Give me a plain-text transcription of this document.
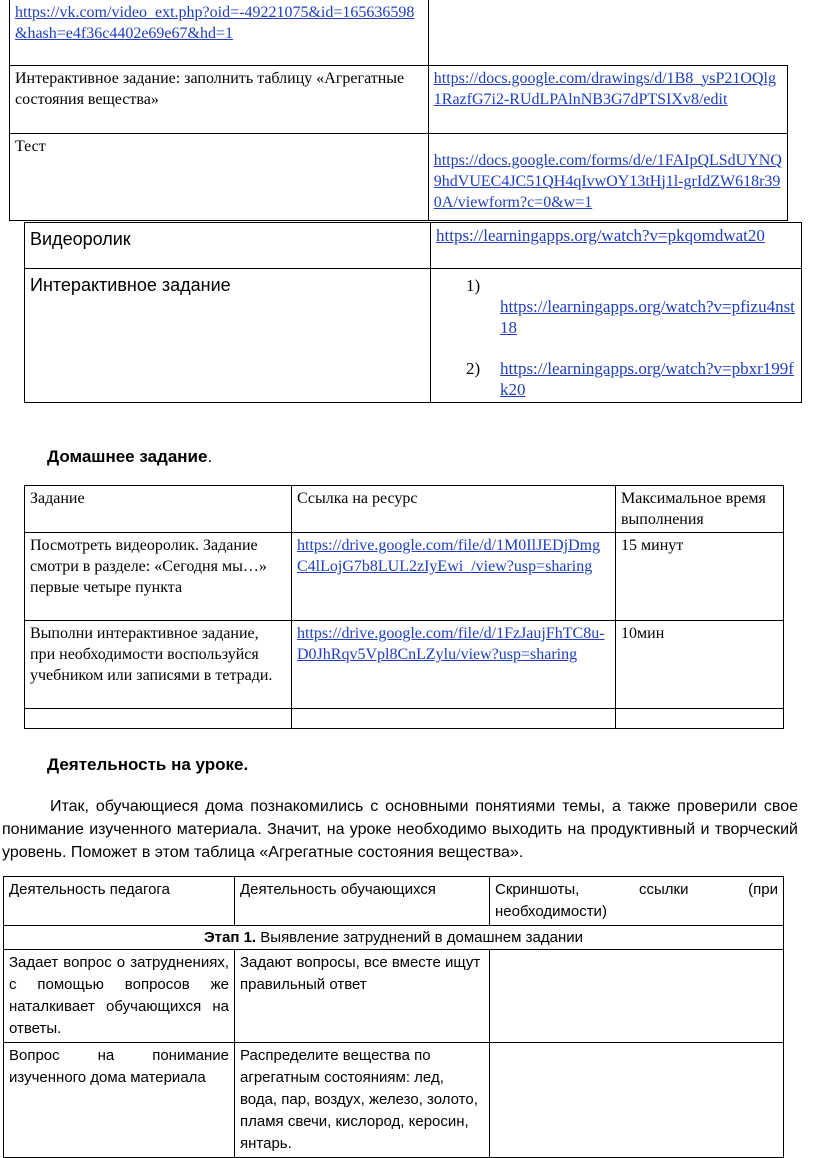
https://vk.com/video_ext.php?oid=-49221075&id=165636598&hash=e4f36c4402e69e67&hd=1	
Интерактивное задание: заполнить таблицу «Агрегатные состояния вещества»	https://docs.google.com/drawings/d/1B8_ysP21OQlg1RazfG7i2-RUdLPAlnNB3G7dPTSIXv8/edit
Тест	https://docs.google.com/forms/d/e/1FAIpQLSdUYNQ9hdVUEC4JC51QH4qIvwOY13tHj1l-grIdZW618r390A/viewform?c=0&w=1
Видеоролик	https://learningapps.org/watch?v=pkqomdwat20
Интерактивное задание	1)
https://learningapps.org/watch?v=pfizu4nst18
2) https://learningapps.org/watch?v=pbxr199fk20
Домашнее задание.
Задание	Ссылка на ресурс	Максимальное время выполнения
Посмотреть видеоролик. Задание смотри в разделе: «Сегодня мы…» первые четыре пункта	https://drive.google.com/file/d/1M0IlJEDjDmgC4lLojG7b8LUL2zIyEwi_/view?usp=sharing	15 минут
Выполни интерактивное задание, при необходимости воспользуйся учебником или записями в тетради.	https://drive.google.com/file/d/1FzJaujFhTC8u-D0JhRqv5Vpl8CnLZylu/view?usp=sharing	10мин

Деятельность на уроке.
Итак, обучающиеся дома познакомились с основными понятиями темы, а также проверили свое понимание изученного материала. Значит, на уроке необходимо выходить на продуктивный и творческий уровень. Поможет в этом таблица «Агрегатные состояния вещества».
Деятельность педагога	Деятельность обучающихся	Скриншоты, ссылки (при необходимости)
Этап 1. Выявление затруднений в домашнем задании		
Задает вопрос о затруднениях, с помощью вопросов же наталкивает обучающихся на ответы.	Задают вопросы, все вместе ищут правильный ответ	
Вопрос на понимание изученного дома материала	Распределите вещества по агрегатным состояниям: лед, вода, пар, воздух, железо, золото, пламя свечи, кислород, керосин, янтарь.	
